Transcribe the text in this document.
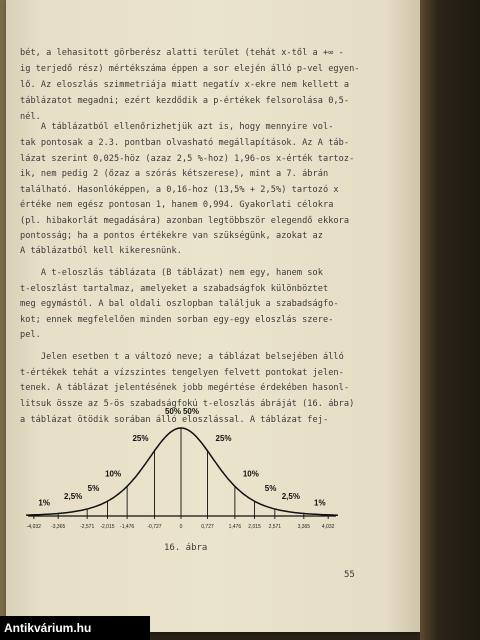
bét, a lehasitott görberész alatti terület (tehát x-től a +∞ -
ig terjedő rész) mértékszáma éppen a sor elején álló p-vel egyen-
lő. Az eloszlás szimmetriája miatt negatív x-ekre nem kellett a
táblázatot megadni; ezért kezdődik a p-értékek felsorolása 0,5-
nél.
A táblázatból ellenőrizhetjük azt is, hogy mennyire vol-
tak pontosak a 2.3. pontban olvasható megállapítások. Az A táb-
lázat szerint 0,025-höz (azaz 2,5 %-hoz) 1,96-os x-érték tartoz-
ik, nem pedig 2 (őzaz a szórás kétszerese), mint a 7. ábrán
található. Hasonlóképpen, a 0,16-hoz (13,5% + 2,5%) tartozó x
értéke nem egész pontosan 1, hanem 0,994. Gyakorlati célokra
(pl. hibakorlát megadására) azonban legtöbbször elegendő ekkora
pontosság; ha a pontos értékekre van szükségünk, azokat az
A táblázatból kell kikeresnünk.
A t-eloszlás táblázata (B táblázat) nem egy, hanem sok
t-eloszlást tartalmaz, amelyeket a szabadságfok különböztet
meg egymástól. A bal oldali oszlopban találjuk a szabadságfo-
kot; ennek megfelelően minden sorban egy-egy eloszlás szere-
pel.
Jelen esetben t a változó neve; a táblázat belsejében álló
t-értékek tehát a vízszintes tengelyen felvett pontokat jelen-
tenek. A táblázat jelentésének jobb megértése érdekében hasonl-
litsuk össze az 5-ös szabadságfokú t-eloszlás ábráját (16. ábra)
a táblázat ötödik sorában álló eloszlással. A táblázat fej-
-4,032 -3,365	-2,571 -2,015 -1,476	-0,727	0	0,727	1,476 2,015 2,571	3,365 4,032
1%
2,5%
5%
10%
25%
50% 50%
25%
10%
5%
2,5%
1%
16. ábra
55
Antikvárium.hu
